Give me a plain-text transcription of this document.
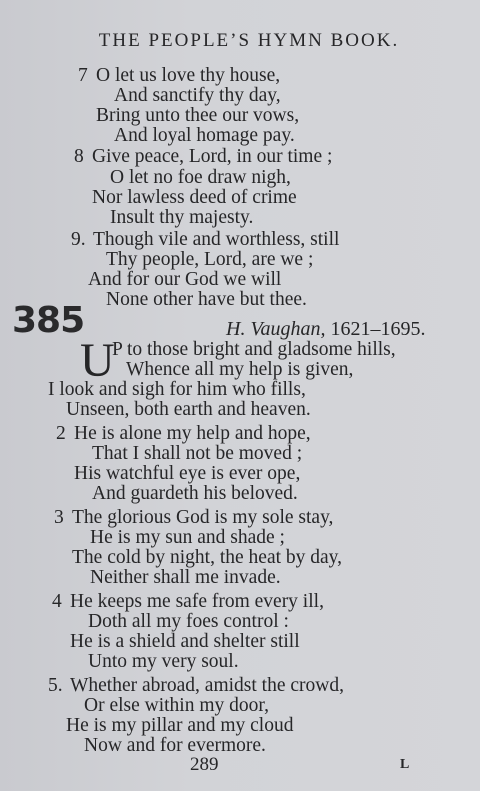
THE PEOPLE’S HYMN BOOK.
7 O let us love thy house,
And sanctify thy day,
Bring unto thee our vows,
And loyal homage pay.
8 Give peace, Lord, in our time ;
O let no foe draw nigh,
Nor lawless deed of crime
Insult thy majesty.
9. Though vile and worthless, still
Thy people, Lord, are we ;
And for our God we will
None other have but thee.
385	H. Vaughan, 1621–1695.
U
P to those bright and gladsome hills,
Whence all my help is given,
I look and sigh for him who fills,
Unseen, both earth and heaven.
2 He is alone my help and hope,
That I shall not be moved ;
His watchful eye is ever ope,
And guardeth his beloved.
3 The glorious God is my sole stay,
He is my sun and shade ;
The cold by night, the heat by day,
Neither shall me invade.
4 He keeps me safe from every ill,
Doth all my foes control :
He is a shield and shelter still
Unto my very soul.
5. Whether abroad, amidst the crowd,
Or else within my door,
He is my pillar and my cloud
Now and for evermore.
289	L
